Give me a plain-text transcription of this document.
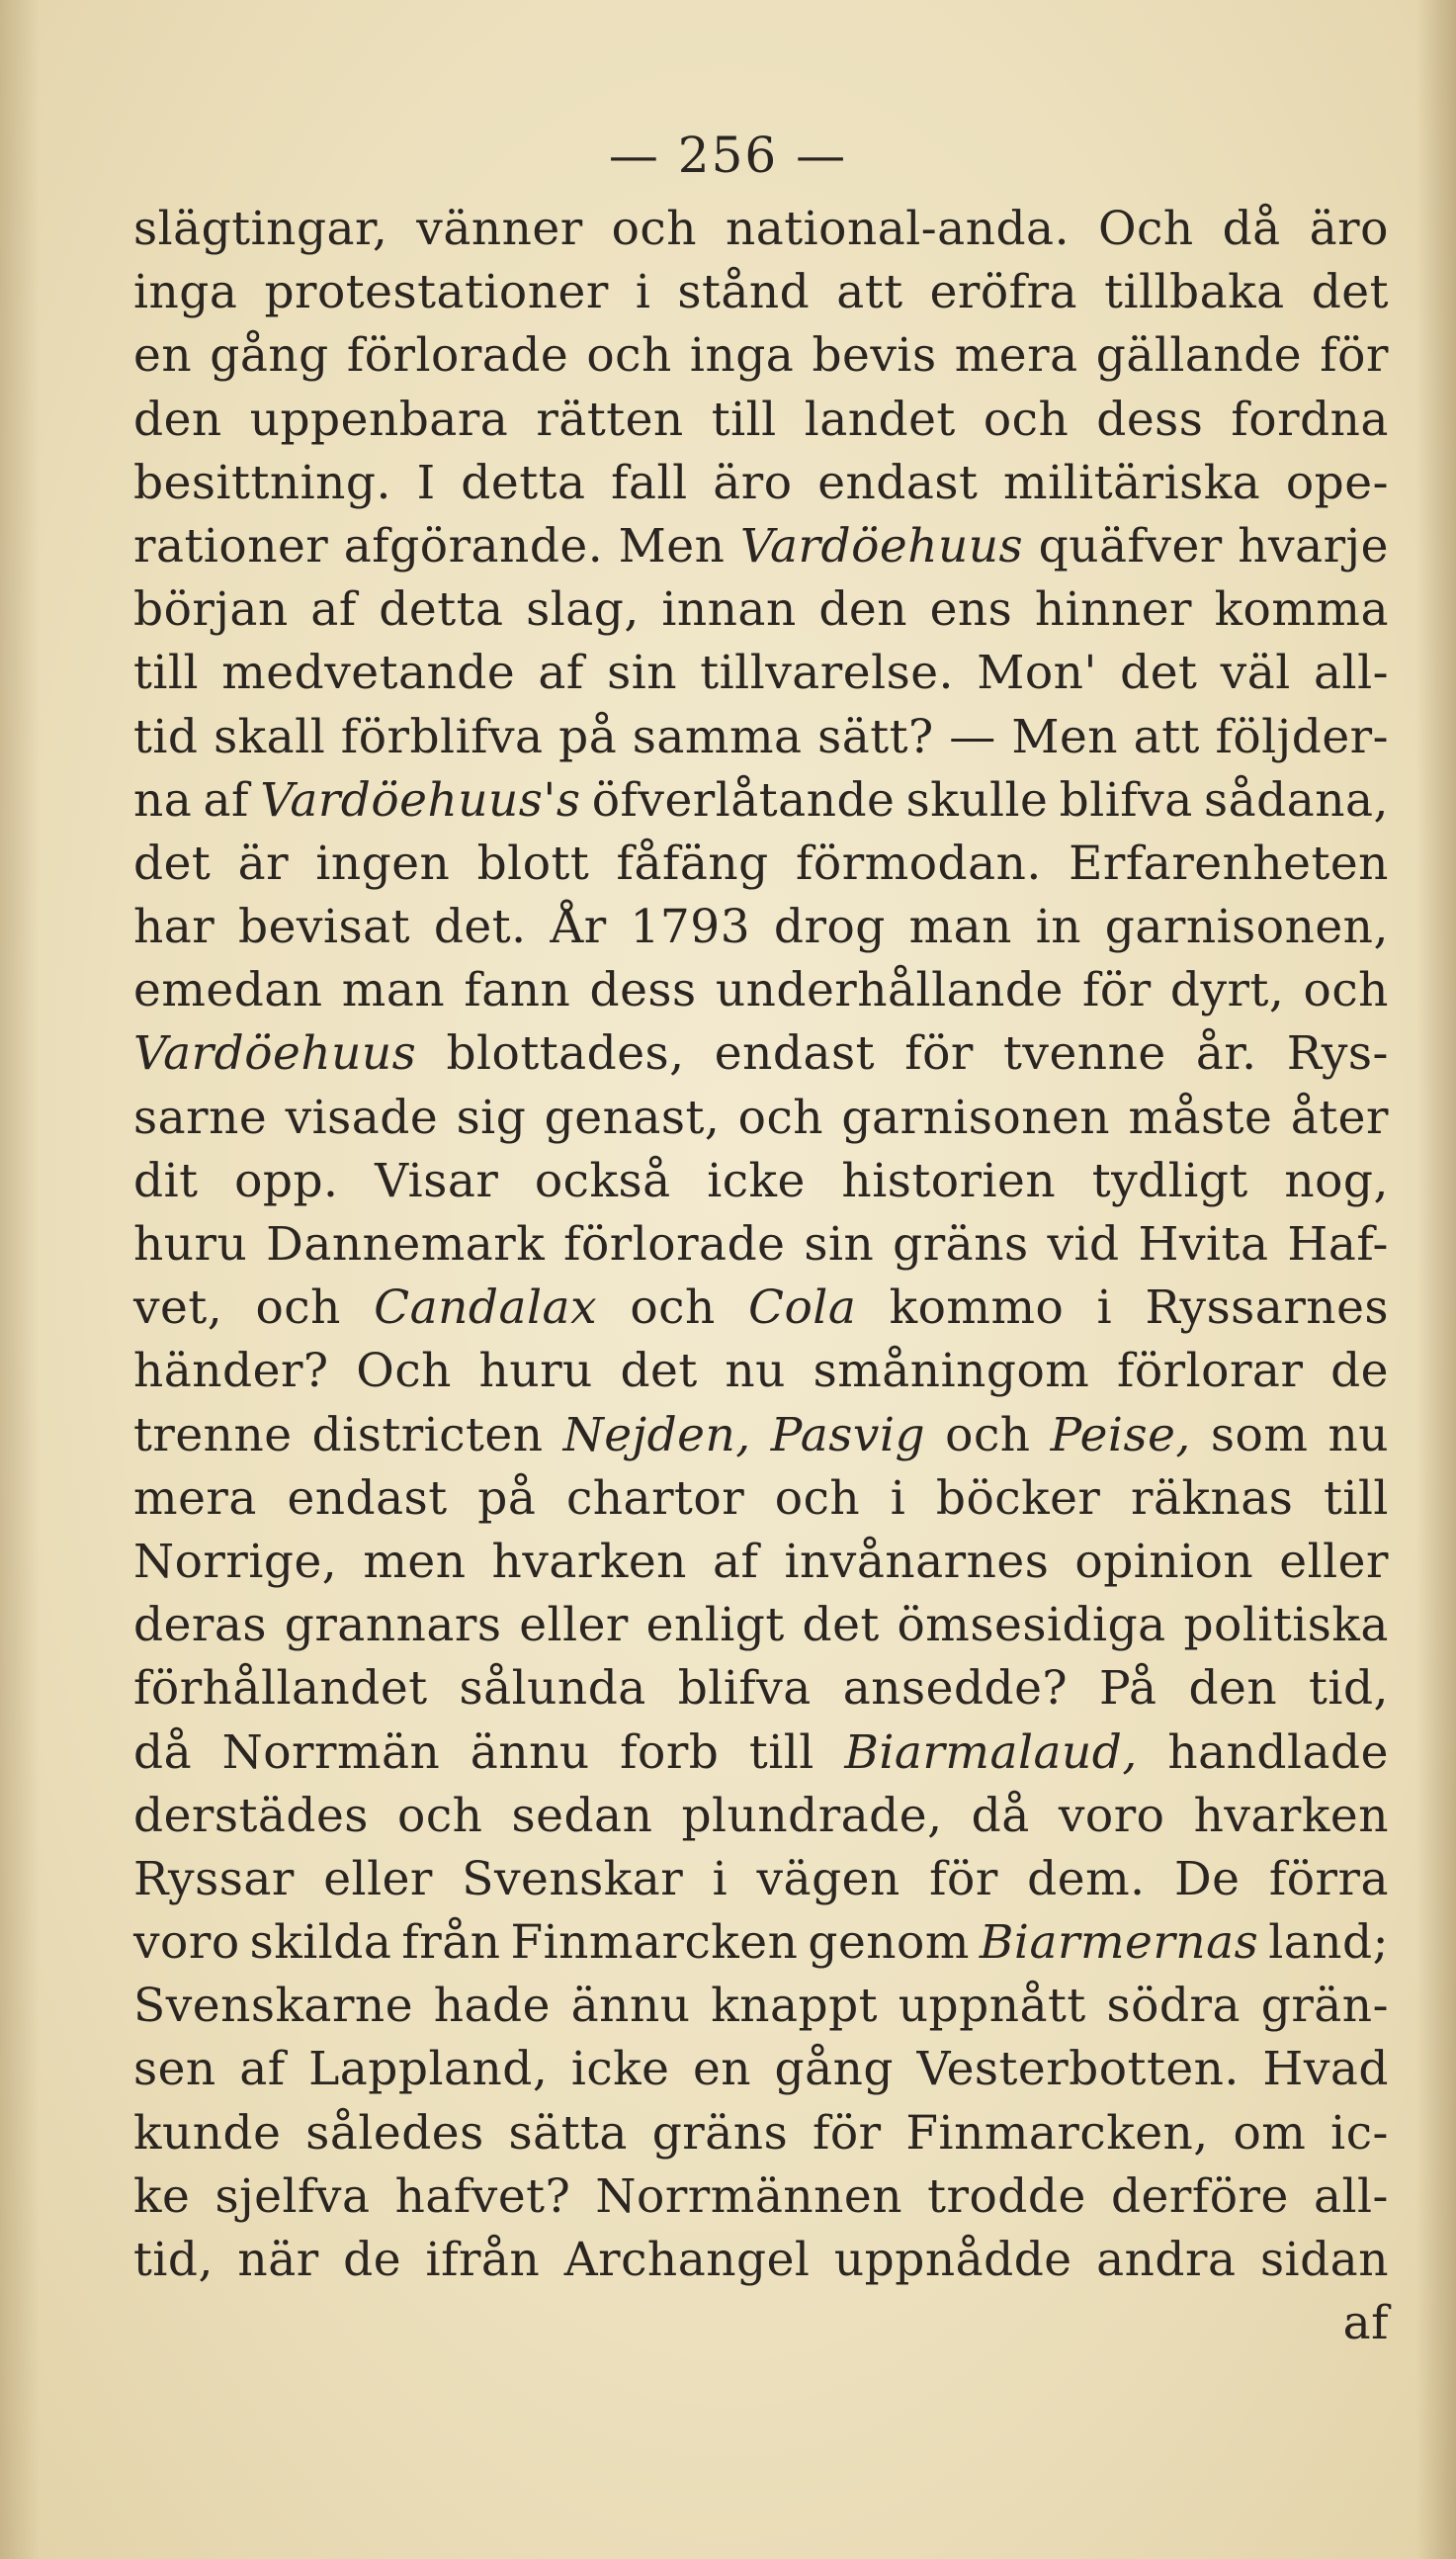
— 256 —
slägtingar, vänner och national-anda. Och då äro
inga protestationer i stånd att eröfra tillbaka det
en gång förlorade och inga bevis mera gällande för
den uppenbara rätten till landet och dess fordna
besittning. I detta fall äro endast militäriska ope-
rationer afgörande. Men Vardöehuus quäfver hvarje
början af detta slag, innan den ens hinner komma
till medvetande af sin tillvarelse. Mon' det väl all-
tid skall förblifva på samma sätt? — Men att följder-
na af Vardöehuus's öfverlåtande skulle blifva sådana,
det är ingen blott fåfäng förmodan. Erfarenheten
har bevisat det. År 1793 drog man in garnisonen,
emedan man fann dess underhållande för dyrt, och
Vardöehuus blottades, endast för tvenne år. Rys-
sarne visade sig genast, och garnisonen måste åter
dit opp. Visar också icke historien tydligt nog,
huru Dannemark förlorade sin gräns vid Hvita Haf-
vet, och Candalax och Cola kommo i Ryssarnes
händer? Och huru det nu småningom förlorar de
trenne districten Nejden, Pasvig och Peise, som nu
mera endast på chartor och i böcker räknas till
Norrige, men hvarken af invånarnes opinion eller
deras grannars eller enligt det ömsesidiga politiska
förhållandet sålunda blifva ansedde? På den tid,
då Norrmän ännu forb till Biarmalaud, handlade
derstädes och sedan plundrade, då voro hvarken
Ryssar eller Svenskar i vägen för dem. De förra
voro skilda från Finmarcken genom Biarmernas land;
Svenskarne hade ännu knappt uppnått södra grän-
sen af Lappland, icke en gång Vesterbotten. Hvad
kunde således sätta gräns för Finmarcken, om ic-
ke sjelfva hafvet? Norrmännen trodde derföre all-
tid, när de ifrån Archangel uppnådde andra sidan
af
